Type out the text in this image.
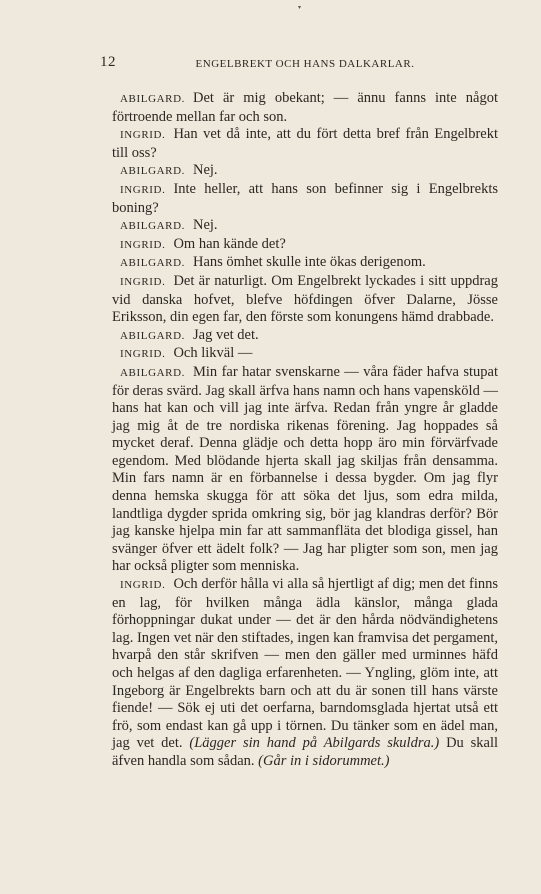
▾
12	ENGELBREKT OCH HANS DALKARLAR.

ABILGARD. Det är mig obekant; — ännu fanns inte något förtroende mellan far och son.

INGRID. Han vet då inte, att du fört detta bref från Engelbrekt till oss?

ABILGARD. Nej.

INGRID. Inte heller, att hans son befinner sig i Engelbrekts boning?

ABILGARD. Nej.

INGRID. Om han kände det?

ABILGARD. Hans ömhet skulle inte ökas derigenom.

INGRID. Det är naturligt. Om Engelbrekt lyckades i sitt uppdrag vid danska hofvet, blefve höfdingen öfver Dalarne, Jösse Eriksson, din egen far, den förste som konungens hämd drabbade.

ABILGARD. Jag vet det.

INGRID. Och likväl —

ABILGARD. Min far hatar svenskarne — våra fäder hafva stupat för deras svärd. Jag skall ärfva hans namn och hans vapensköld — hans hat kan och vill jag inte ärfva. Redan från yngre år gladde jag mig åt de tre nordiska rikenas förening. Jag hoppades så mycket deraf. Denna glädje och detta hopp äro min förvärfvade egendom. Med blödande hjerta skall jag skiljas från densamma. Min fars namn är en förbannelse i dessa bygder. Om jag flyr denna hemska skugga för att söka det ljus, som edra milda, landtliga dygder sprida omkring sig, bör jag klandras derför? Bör jag kanske hjelpa min far att sammanfläta det blodiga gissel, han svänger öfver ett ädelt folk? — Jag har pligter som son, men jag har också pligter som menniska.

INGRID. Och derför hålla vi alla så hjertligt af dig; men det finns en lag, för hvilken många ädla känslor, många glada förhoppningar dukat under — det är den hårda nödvändighetens lag. Ingen vet när den stiftades, ingen kan framvisa det pergament, hvarpå den står skrifven — men den gäller med urminnes häfd och helgas af den dagliga erfarenheten. — Yngling, glöm inte, att Ingeborg är Engelbrekts barn och att du är sonen till hans värste fiende! — Sök ej uti det oerfarna, barndomsglada hjertat utså ett frö, som endast kan gå upp i törnen. Du tänker som en ädel man, jag vet det. (Lägger sin hand på Abilgards skuldra.) Du skall äfven handla som sådan. (Går in i sidorummet.)
